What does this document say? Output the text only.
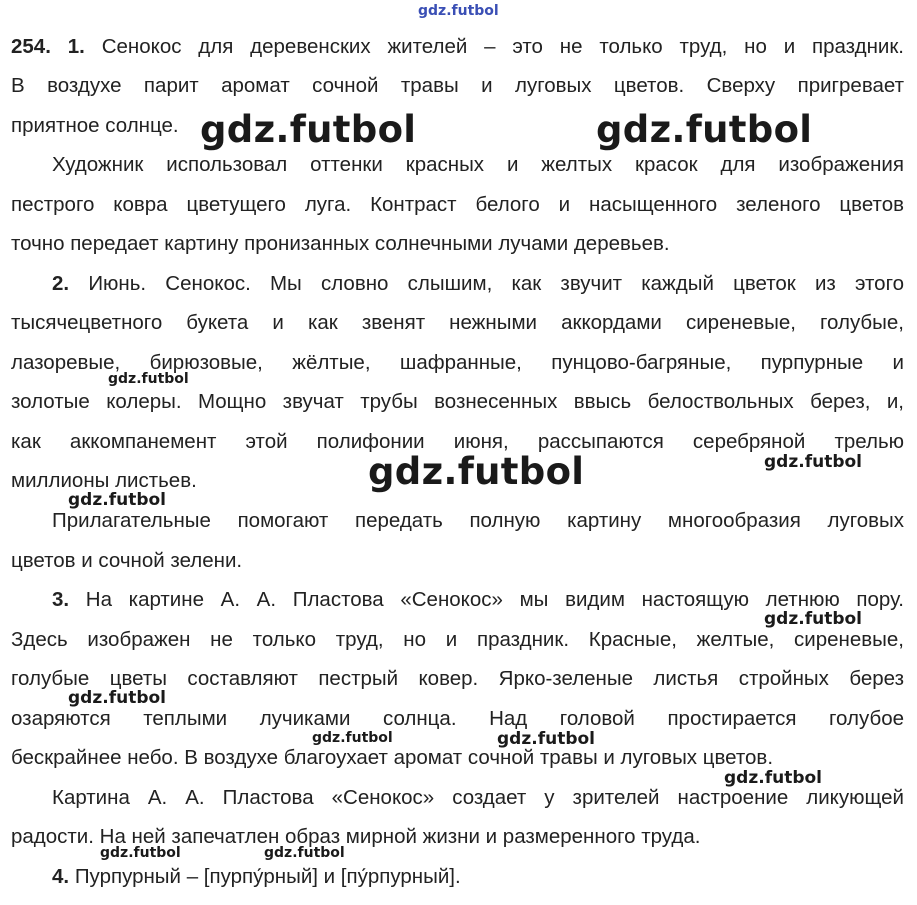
gdz.futbol
254. 1. Сенокос для деревенских жителей – это не только труд, но и праздник.
В воздухе парит аромат сочной травы и луговых цветов. Сверху пригревает
приятное солнце.
Художник использовал оттенки красных и желтых красок для изображения
пестрого ковра цветущего луга. Контраст белого и насыщенного зеленого цветов
точно передает картину пронизанных солнечными лучами деревьев.
2. Июнь. Сенокос. Мы словно слышим, как звучит каждый цветок из этого
тысячецветного букета и как звенят нежными аккордами сиреневые, голубые,
лазоревые, бирюзовые, жёлтые, шафранные, пунцово-багряные, пурпурные и
золотые колеры. Мощно звучат трубы вознесенных ввысь белоствольных берез, и,
как аккомпанемент этой полифонии июня, рассыпаются серебряной трелью
миллионы листьев.
Прилагательные помогают передать полную картину многообразия луговых
цветов и сочной зелени.
3. На картине А. А. Пластова «Сенокос» мы видим настоящую летнюю пору.
Здесь изображен не только труд, но и праздник. Красные, желтые, сиреневые,
голубые цветы составляют пестрый ковер. Ярко-зеленые листья стройных берез
озаряются теплыми лучиками солнца. Над головой простирается голубое
бескрайнее небо. В воздухе благоухает аромат сочной травы и луговых цветов.
Картина А. А. Пластова «Сенокос» создает у зрителей настроение ликующей
радости. На ней запечатлен образ мирной жизни и размеренного труда.
4. Пурпурный – [пурпу́рный] и [пу́рпурный].
gdz.futbol	gdz.futbol
gdz.futbol
gdz.futbol
gdz.futbol
gdz.futbol
gdz.futbol
gdz.futbol
gdz.futbol	gdz.futbol
gdz.futbol
gdz.futbol	gdz.futbol
